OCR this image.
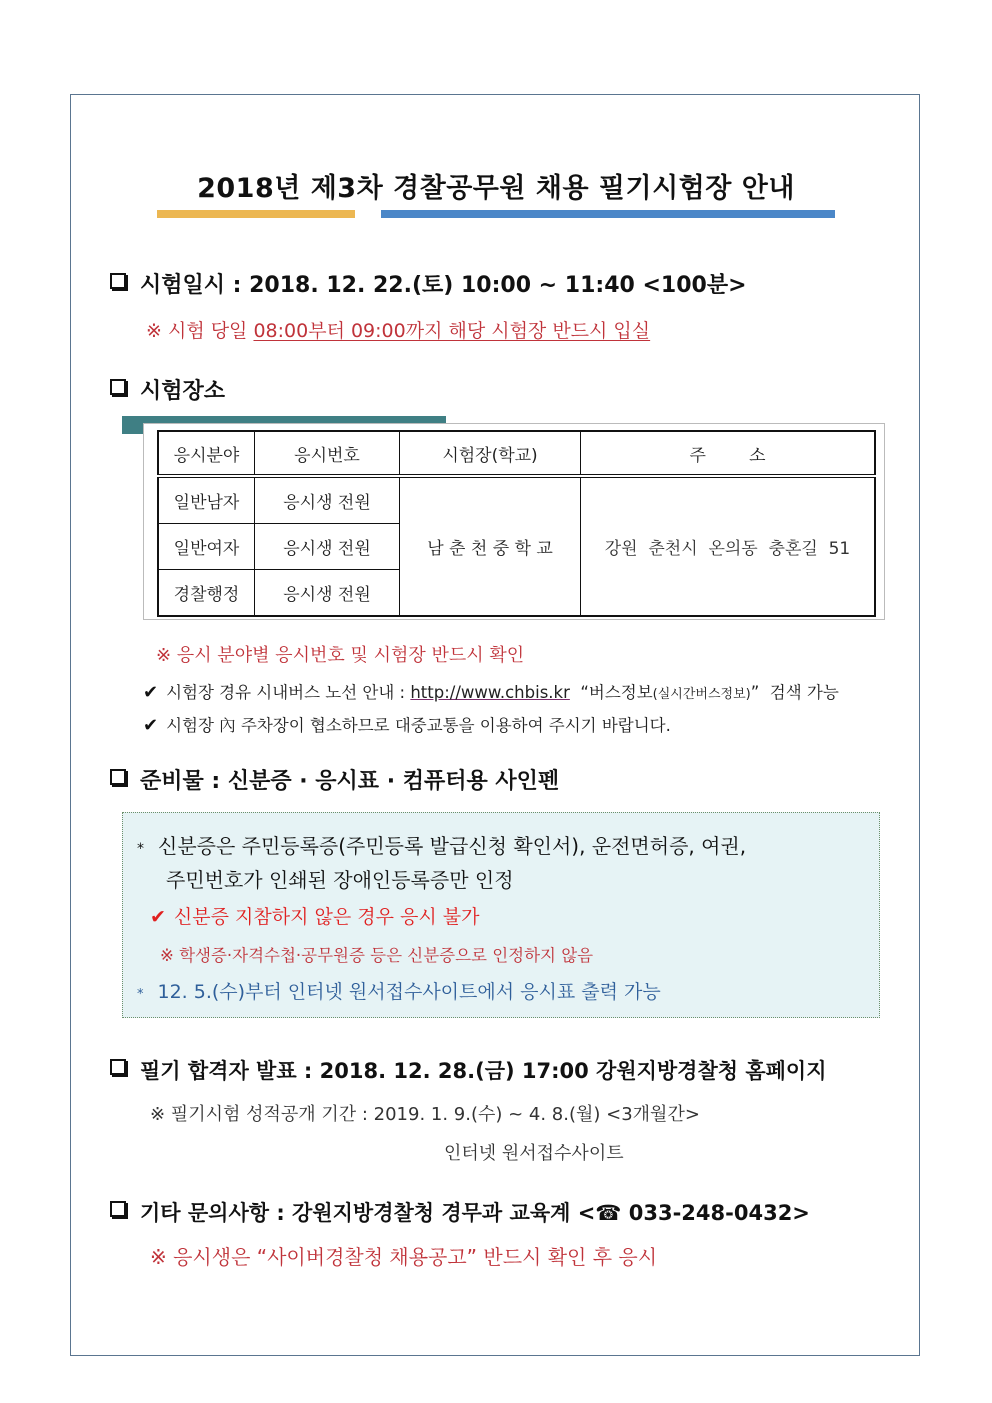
2018년 제3차 경찰공무원 채용 필기시험장 안내
시험일시 : 2018. 12. 22.(토) 10:00 ~ 11:40 <100분>
※ 시험 당일 08:00부터 09:00까지 해당 시험장 반드시 입실
시험장소
응시분야	응시번호	시험장(학교)	주        소
일반남자	응시생 전원	남 춘 천 중 학 교	강원  춘천시  온의동  충혼길  51
일반여자	응시생 전원		
경찰행정	응시생 전원		
※ 응시 분야별 응시번호 및 시험장 반드시 확인
✔ 시험장 경유 시내버스 노선 안내 : http://www.chbis.kr  “버스정보(실시간버스정보)”  검색 가능
✔ 시험장 內 주차장이 협소하므로 대중교통을 이용하여 주시기 바랍니다.
준비물 : 신분증 · 응시표 · 컴퓨터용 사인펜
* 신분증은 주민등록증(주민등록 발급신청 확인서), 운전면허증, 여권,
주민번호가 인쇄된 장애인등록증만 인정
✔ 신분증 지참하지 않은 경우 응시 불가
※ 학생증·자격수첩·공무원증 등은 신분증으로 인정하지 않음
* 12. 5.(수)부터 인터넷 원서접수사이트에서 응시표 출력 가능
필기 합격자 발표 : 2018. 12. 28.(금) 17:00 강원지방경찰청 홈페이지
※ 필기시험 성적공개 기간 : 2019. 1. 9.(수) ~ 4. 8.(월) <3개월간>
인터넷 원서접수사이트
기타 문의사항 : 강원지방경찰청 경무과 교육계 <☎ 033-248-0432>
※ 응시생은 “사이버경찰청 채용공고” 반드시 확인 후 응시
